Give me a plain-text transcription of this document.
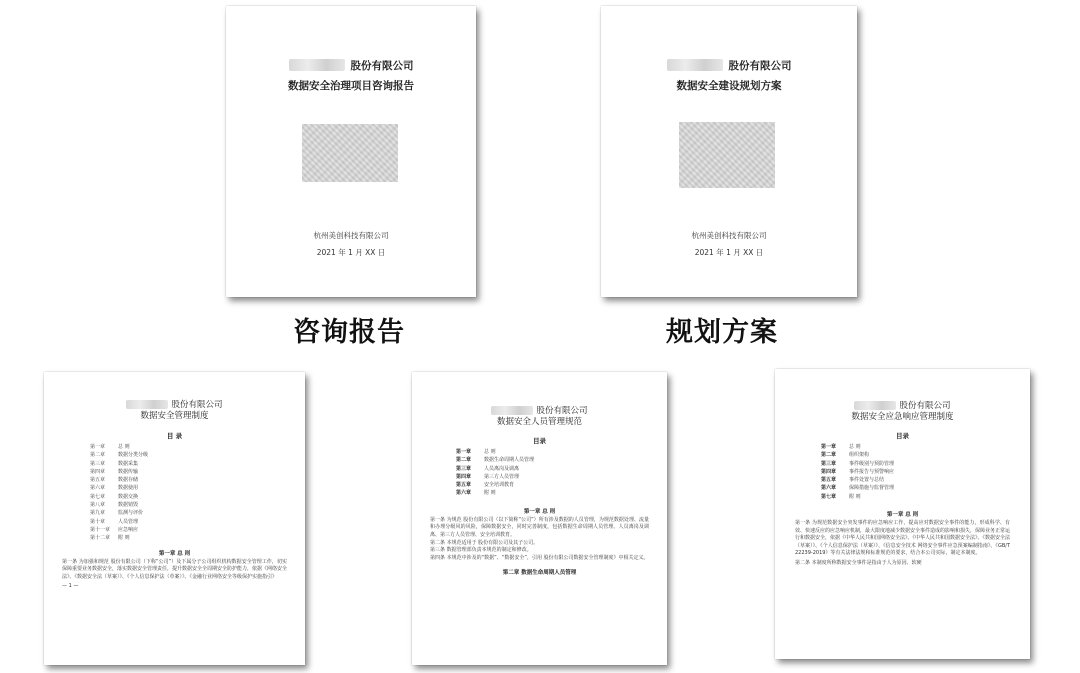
股份有限公司
数据安全治理项目咨询报告
杭州美创科技有限公司
2021 年 1 月 XX 日
咨询报告
股份有限公司
数据安全建设规划方案
杭州美创科技有限公司
2021 年 1 月 XX 日
规划方案
股份有限公司
数据安全管理制度
目 录
第一章	总 则
第二章	数据分类分级
第三章	数据采集
第四章	数据传输
第五章	数据存储
第六章	数据使用
第七章	数据交换
第八章	数据销毁
第九章	监测与评价
第十章	人员管理
第十一章 应急响应
第十二章 附 则
第一章 总 则
第一条 为加强和规范 股份有限公司（下称“公司”）及下属分子公司组织机构数据安全管理工作，切实保障重要业务数据安全，落实数据安全管理责任，提升数据安全全周期安全防护能力，依据《网络安全法》、《数据安全法（草案）》、《个人信息保护法（草案）》、《金融行业网络安全等级保护实施指引》
— 1 —
股份有限公司
数据安全人员管理规范
目录
第一章	总 则
第二章	数据生命周期人员管理
第三章	人员离岗及调离
第四章	第三方人员管理
第五章	安全培训教育
第六章	附 则
第一章 总 则
第一条 为规范 股份有限公司（以下简称“公司”）所有涉及数据的人员管理，为规范数据处理、流量和办理分级风的风险，保障数据安全，同时完善制度，包括数据生命周期人员管理、人员离岗及调离、第三方人员管理、安全培训教育。
第二条 本规范适用于 股份有限公司及其子公司。
第三条 数据管理部负责本规范的制定和修改。
第四条 本规范中涉及的“数据”、“数据安全”，引用 股份有限公司数据安全管理制度》中相关定义。
第二章 数据生命周期人员管理
股份有限公司
数据安全应急响应管理制度
目录
第一章	总 则
第二章	组织架构
第三章	事件级别与预防管理
第四章	事件报告与预警响应
第五章	事件处置与总结
第六章	保障措施与监督管理
第七章	附 则
第一章 总 则
第一条 为规范数据安全突发事件的应急响应工作，提高应对数据安全事件的能力，形成科学、有效、快速反应的应急响应机制，最大限度地减少数据安全事件造成的影响和损失，保障业务正常运行和数据安全，依据《中华人民共和国网络安全法》、《中华人民共和国数据安全法》、《数据安全法（草案）》、《个人信息保护法（草案）》、《信息安全技术 网络安全事件应急预案编制指南》、《GB/T 22239-2019》等有关法律法规和标准规范的要求，结合本公司实际，制定本制度。
第二条 本制度所称数据安全事件是指由于人为原因、软硬
